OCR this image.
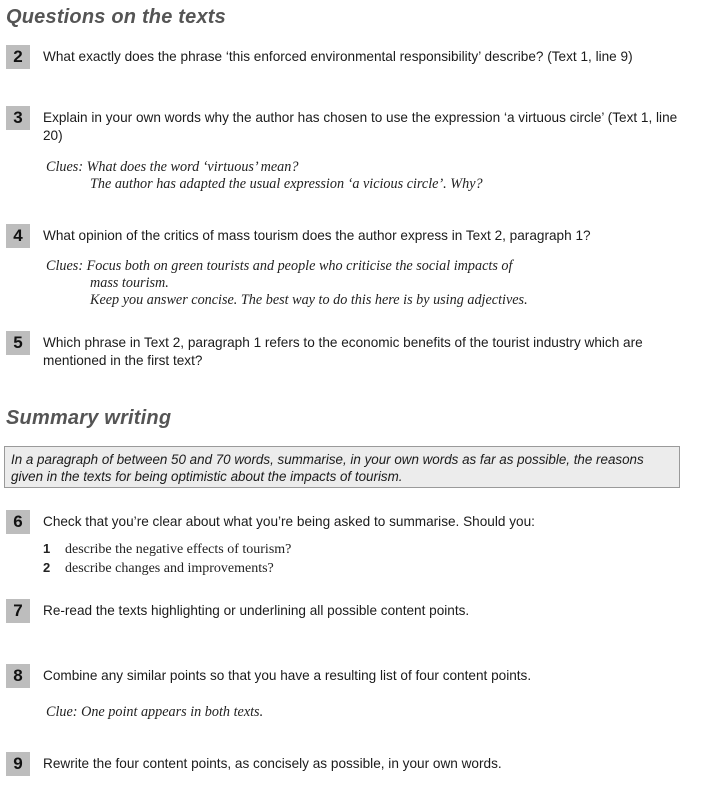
Questions on the texts
2	What exactly does the phrase ‘this enforced environmental responsibility’ describe? (Text 1, line 9)
3	Explain in your own words why the author has chosen to use the expression ‘a virtuous circle’ (Text 1, line 20)
Clues: What does the word ‘virtuous’ mean?
The author has adapted the usual expression ‘a vicious circle’. Why?
4	What opinion of the critics of mass tourism does the author express in Text 2, paragraph 1?
Clues: Focus both on green tourists and people who criticise the social impacts of
mass tourism.
Keep you answer concise. The best way to do this here is by using adjectives.
5	Which phrase in Text 2, paragraph 1 refers to the economic benefits of the tourist industry which are mentioned in the first text?
Summary writing
In a paragraph of between 50 and 70 words, summarise, in your own words as far as possible, the reasons given in the texts for being optimistic about the impacts of tourism.
6	Check that you’re clear about what you’re being asked to summarise. Should you:
1 describe the negative effects of tourism?
2 describe changes and improvements?
7	Re-read the texts highlighting or underlining all possible content points.
8	Combine any similar points so that you have a resulting list of four content points.
Clue: One point appears in both texts.
9	Rewrite the four content points, as concisely as possible, in your own words.
